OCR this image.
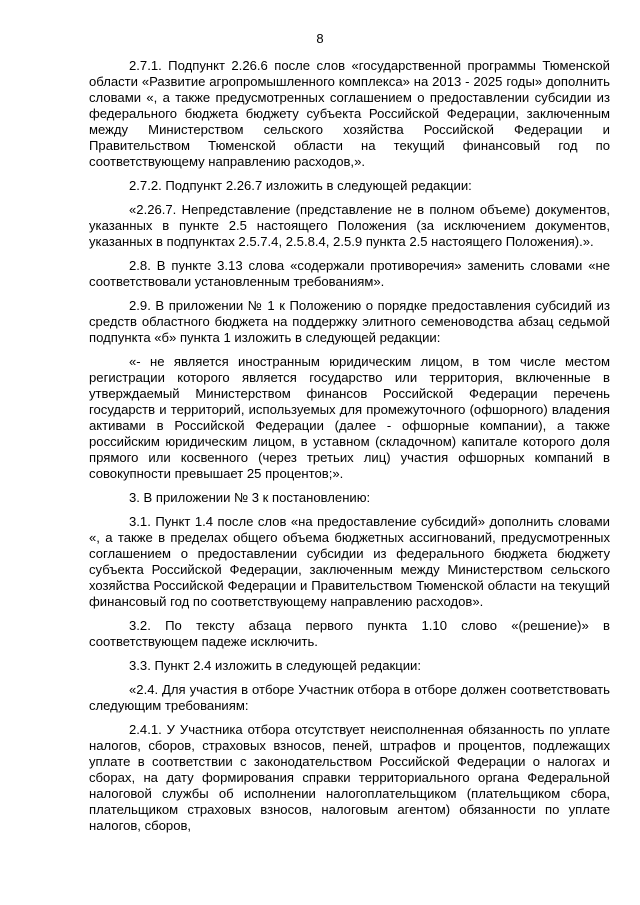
8

2.7.1. Подпункт 2.26.6 после слов «государственной программы Тюменской области «Развитие агропромышленного комплекса» на 2013 - 2025 годы» дополнить словами «, а также предусмотренных соглашением о предоставлении субсидии из федерального бюджета бюджету субъекта Российской Федерации, заключенным между Министерством сельского хозяйства Российской Федерации и Правительством Тюменской области на текущий финансовый год по соответствующему направлению расходов,».

2.7.2. Подпункт 2.26.7 изложить в следующей редакции:

«2.26.7. Непредставление (представление не в полном объеме) документов, указанных в пункте 2.5 настоящего Положения (за исключением документов, указанных в подпунктах 2.5.7.4, 2.5.8.4, 2.5.9 пункта 2.5 настоящего Положения).».

2.8. В пункте 3.13 слова «содержали противоречия» заменить словами «не соответствовали установленным требованиям».

2.9. В приложении № 1 к Положению о порядке предоставления субсидий из средств областного бюджета на поддержку элитного семеноводства абзац седьмой подпункта «б» пункта 1 изложить в следующей редакции:

«- не является иностранным юридическим лицом, в том числе местом регистрации которого является государство или территория, включенные в утверждаемый Министерством финансов Российской Федерации перечень государств и территорий, используемых для промежуточного (офшорного) владения активами в Российской Федерации (далее - офшорные компании), а также российским юридическим лицом, в уставном (складочном) капитале которого доля прямого или косвенного (через третьих лиц) участия офшорных компаний в совокупности превышает 25 процентов;».

3. В приложении № 3 к постановлению:

3.1. Пункт 1.4 после слов «на предоставление субсидий» дополнить словами «, а также в пределах общего объема бюджетных ассигнований, предусмотренных соглашением о предоставлении субсидии из федерального бюджета бюджету субъекта Российской Федерации, заключенным между Министерством сельского хозяйства Российской Федерации и Правительством Тюменской области на текущий финансовый год по соответствующему направлению расходов».

3.2. По тексту абзаца первого пункта 1.10 слово «(решение)» в соответствующем падеже исключить.

3.3. Пункт 2.4 изложить в следующей редакции:

«2.4. Для участия в отборе Участник отбора в отборе должен соответствовать следующим требованиям:

2.4.1. У Участника отбора отсутствует неисполненная обязанность по уплате налогов, сборов, страховых взносов, пеней, штрафов и процентов, подлежащих уплате в соответствии с законодательством Российской Федерации о налогах и сборах, на дату формирования справки территориального органа Федеральной налоговой службы об исполнении налогоплательщиком (плательщиком сбора, плательщиком страховых взносов, налоговым агентом) обязанности по уплате налогов, сборов,
